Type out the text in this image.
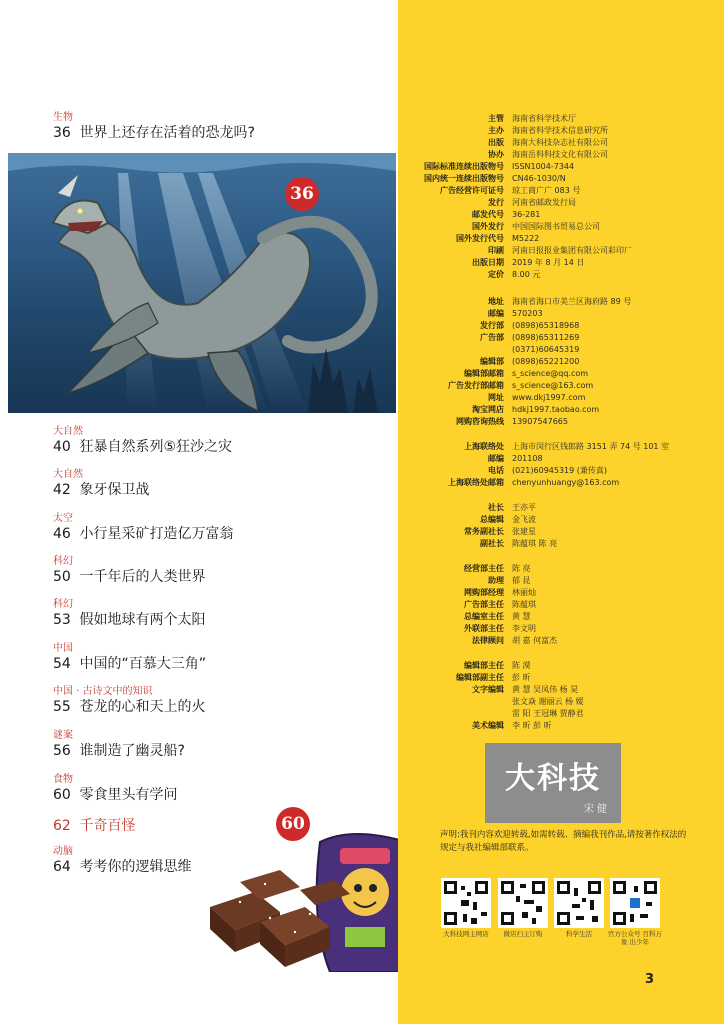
生物
36 世界上还存在活着的恐龙吗?
36
大自然
40 狂暴自然系列⑤狂沙之灾
大自然
42 象牙保卫战
太空
46 小行星采矿打造亿万富翁
科幻
50 一千年后的人类世界
科幻
53 假如地球有两个太阳
中国
54 中国的“百慕大三角”
中国 · 古诗文中的知识
55 苍龙的心和天上的火
谜案
56 谁制造了幽灵船?
食物
60 零食里头有学问
62 千奇百怪
动脑
64 考考你的逻辑思维
60
主管 海南省科学技术厅
主办 海南省科学技术信息研究所
出版 海南大科技杂志社有限公司
协办 海南岳科科技文化有限公司
国际标准连续出版物号 ISSN1004-7344
国内统一连续出版物号 CN46-1030/N
广告经营许可证号 琼工商广广 083 号
发行 河南省邮政发行局
邮发代号 36-281
国外发行 中国国际图书贸易总公司
国外发行代号 M5222
印刷 河南日报报业集团有限公司彩印厂
出版日期 2019 年 8 月 14 日
定价 8.00 元
地址 海南省海口市美兰区海府路 89 号
邮编 570203
发行部 (0898)65318968
广告部 (0898)65311269
(0371)60645319
编辑部 (0898)65221200
编辑部邮箱 s_science@qq.com
广告发行部邮箱 s_science@163.com
网址 www.dkj1997.com
淘宝网店 hdkj1997.taobao.com
网购咨询热线 13907547665
上海联络处 上海市闵行区钱郎路 3151 弄 74 号 101 室
邮编 201108
电话 (021)60945319 (兼传真)
上海联络处邮箱 chenyunhuangy@163.com
社长 王亦平
总编辑 金飞波
常务副社长 张建星
副社长 陈蕴琪 陈 亮
经营部主任 陈 亮
助理 郁 昆
网购部经理 林丽灿
广告部主任 陈蕴琪
总编室主任 黄 慧
外联部主任 李文明
法律顾问 胡 嘉 何富杰
编辑部主任 陈 漠
编辑部副主任 彭 昕
文字编辑 黄 慧 吴凤伟 杨 昊
张文焱 谢丽云 杨 嫒
雷 阳 王冠琳 贾静君
美术编辑 李 昕 彭 昕
大科技
宋 健
声明:我刊内容欢迎转载,如需转载、摘编我刊作品,请按著作权法的规定与我社编辑部联系。
大科技网主网店	微店扫主订购	科学生活	官方公众号 百科万象 出少年
3
